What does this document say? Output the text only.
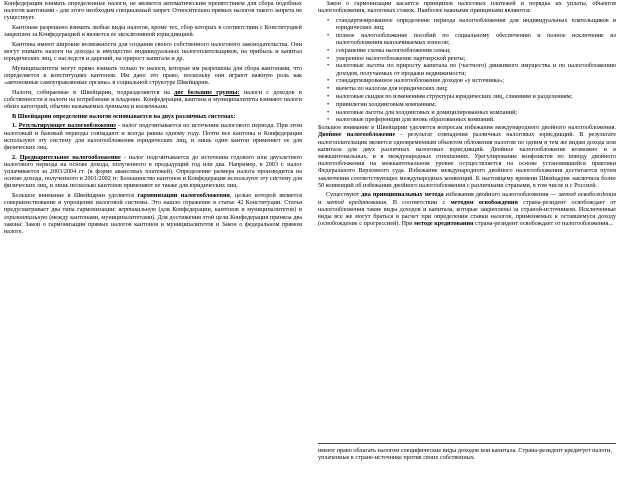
Конфедерации взимать определенные налоги, не является автоматическим препятствием для сбора подобных налогов кантонами - для этого необходим специальный запрет. Относительно прямых налогов такого запрета не существует.

Кантонам разрешено взимать любые виды налогов, кроме тех, сбор которых в соответствии с Конституцией закреплен за Конфедерацией и является ее эксклюзивной юрисдикцией.

Кантоны имеют широкие возможности для создания своего собственного налогового законодательства. Они могут взимать налоги на доходы и имущество индивидуальных налогоплательщиков, на прибыль и капитал юридических лиц, с наследств и дарений, на прирост капитала и др.

Муниципалитеты могут прямо взимать только те налоги, которые им разрешены для сбора кантонами, что определяется в конституциях кантонов. Им дано это право, поскольку они играют важную роль как «автономные самоуправляемые органы» в социальной структуре Швейцарии.

Налоги, собираемые в Швейцарии, подразделяются на две большие группы: налоги с доходов и собственности и налоги на потребление и владение. Конфедерация, кантоны и муниципалитеты взимают налоги обеих категорий, обычно называемых прямыми и косвенными.

В Швейцарии определение налогов основывается на двух различных системах:

1. Результирующее налогообложение - налог подсчитывается по истечении налогового периода. При этом налоговый и базовый периоды совпадают и всегда равны одному году. Почти все кантоны и Конфедерация используют эту систему для налогообложения юридических лиц, и лишь один кантон применяет ее для физических лиц.

2. Предварительное налогообложение - налог подсчитывается до истечения годового или двухлетнего налогового периода на основе дохода, полученного в предыдущий год или два. Например, в 2003 г. налог уплачивается за 2003/2004 гг. (в форме авансовых платежей). Определение размера налога производится на основе дохода, полученного в 2001/2002 гг. Большинство кантонов и Конфедерация используют эту систему для физических лиц, и лишь несколько кантонов применяют ее также для юридических лиц.

Большое внимание в Швейцарии уделяется гармонизации налогообложения, целью которой является совершенствование и упрощение налоговой системы. Это нашло отражение в статье 42 Конституции. Статья предусматривает два типа гармонизации: вертикальную (для Конфедерации, кантонов и муниципалитетов) и горизонтальную (между кантонами, муниципалитетами). Для достижения этой цели Конфедерация приняла два закона: Закон о гармонизации прямых налогов кантонов и муниципалитетов и Закон о федеральном прямом налоге.

Закон о гармонизации касается принципов налоговых платежей и порядка их уплаты, объектов налогообложения, налоговых ставок. Наиболее важными принципами являются:

• стандартизированное определение периода налогообложения для индивидуальных плательщиков и юридических лиц;
• полное налогообложение пособий по социальному обеспечению и полное исключение из налогообложения выплачиваемых взносов;
• сохранение схемы налогообложения семьи;
• умеренное налогообложение партнерской ренты;
• налоговые льготы по приросту капитала по (частного) движимого имущества и по налогообложению доходов, получаемых от продажи недвижимости;
• стандартизированное налогообложение доходов «у источника»;
• вычеты по налогам для юридических лиц;
• налоговые скидки по изменениям структуры юридических лиц, слияниям и разделениям;
• привилегии холдинговым компаниям;
• налоговые льготы для холдинговых и домицилированных компаний;
• налоговые преференции для вновь образованных компаний.

Большое внимание в Швейцарии уделяется вопросам избежания международного двойного налогообложения. Двойное налогообложение - результат совпадения различных налоговых юрисдикций. В результате налогоплательщик является одновременным объектом обложения налогом по одним и тем же видам дохода или капитала для двух различных налоговых юрисдикций. Двойное налогообложение возможно и в межкантональных, и в международных отношениях. Урегулирование конфликтов по поводу двойного налогообложения на межкантональном уровне осуществляется на основе установившейся практики Федерального Верховного суда. Избежание международного двойного налогообложения достигается путем заключения соответствующих международных конвенций. К настоящему времени Швейцария заключила более 50 конвенций об избежании двойного налогообложения с различными странами, в том числе и с Россией.

Существуют два принципиальных метода избежания двойного налогообложения — метод освобождения и метод кредитования. В соответствии с методом освобождения страна-резидент освобождает от налогообложения такие виды доходов и капитала, которые закреплены за страной-источником. Исключенные виды все же могут браться в расчет при определении ставки налогов, применяемых к оставшемуся доходу (освобождение с прогрессией). При методе кредитования страна-резидент освобождает от налогообложения...

имеют право облагать налогом специфические виды доходов или капитала. Страна-резидент кредитует налоги, уплаченные в стране-источнике против своих собственных.
